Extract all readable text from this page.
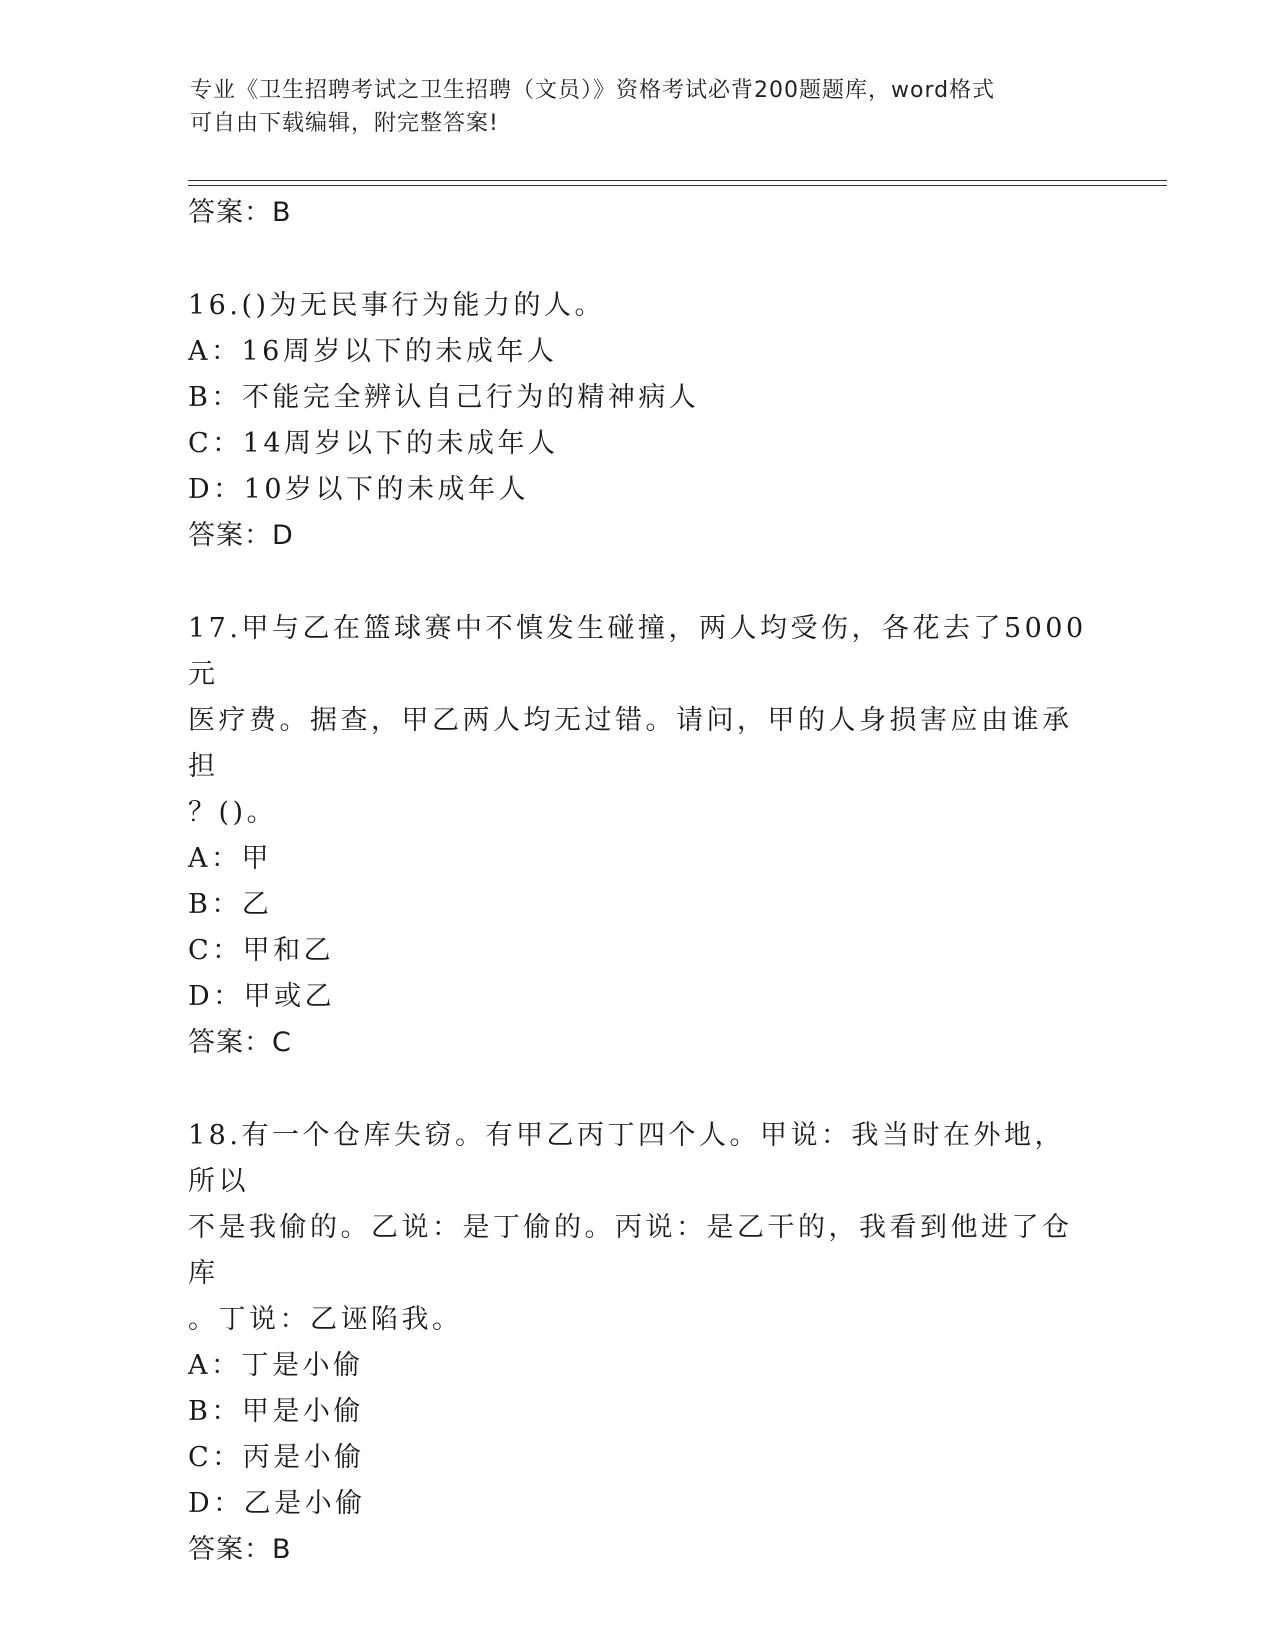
专业《卫生招聘考试之卫生招聘（文员）》资格考试必背200题题库，word格式
可自由下载编辑，附完整答案!
答案：B
16.()为无民事行为能力的人。
A：16周岁以下的未成年人
B：不能完全辨认自己行为的精神病人
C：14周岁以下的未成年人
D：10岁以下的未成年人
答案：D
17.甲与乙在篮球赛中不慎发生碰撞，两人均受伤，各花去了5000元
医疗费。据查，甲乙两人均无过错。请问，甲的人身损害应由谁承担
？()。
A：甲
B：乙
C：甲和乙
D：甲或乙
答案：C
18.有一个仓库失窃。有甲乙丙丁四个人。甲说：我当时在外地，所以
不是我偷的。乙说：是丁偷的。丙说：是乙干的，我看到他进了仓库
。丁说：乙诬陷我。
A：丁是小偷
B：甲是小偷
C：丙是小偷
D：乙是小偷
答案：B
